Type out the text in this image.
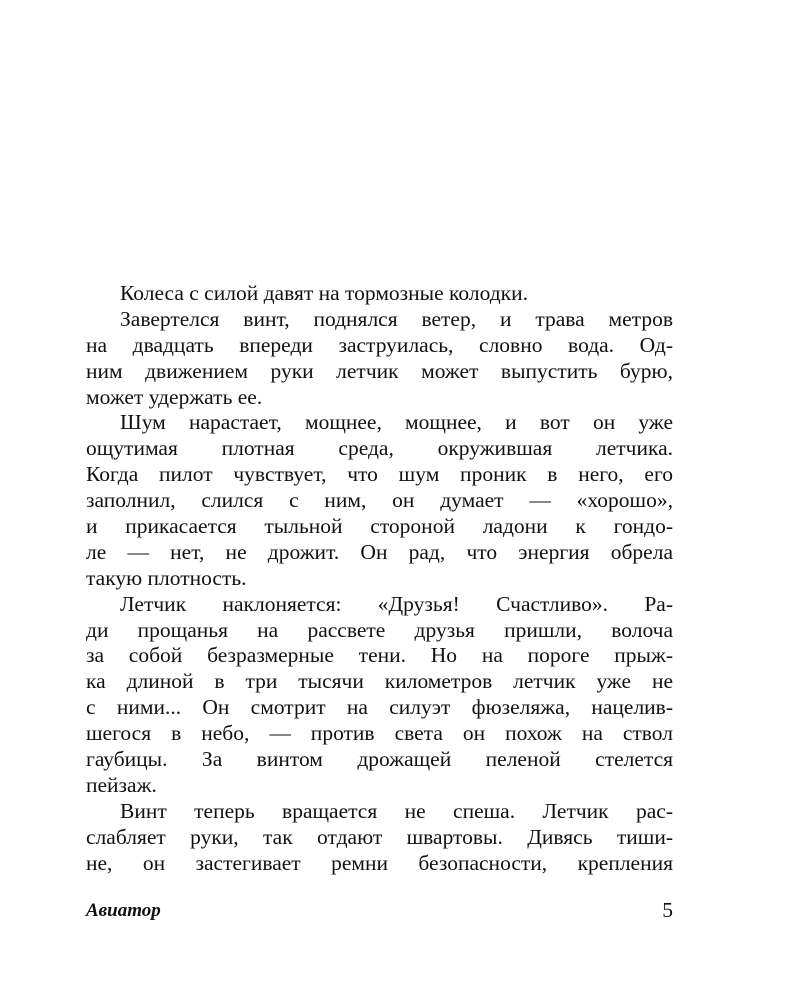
Колеса с силой давят на тормозные колодки.

Завертелся винт, поднялся ветер, и трава метров
на двадцать впереди заструилась, словно вода. Од-
ним движением руки летчик может выпустить бурю,
может удержать ее.

Шум нарастает, мощнее, мощнее, и вот он уже
ощутимая плотная среда, окружившая летчика.
Когда пилот чувствует, что шум проник в него, его
заполнил, слился с ним, он думает — «хорошо»,
и прикасается тыльной стороной ладони к гондо-
ле — нет, не дрожит. Он рад, что энергия обрела
такую плотность.

Летчик наклоняется: «Друзья! Счастливо». Ра-
ди прощанья на рассвете друзья пришли, волоча
за собой безразмерные тени. Но на пороге прыж-
ка длиной в три тысячи километров летчик уже не
с ними... Он смотрит на силуэт фюзеляжа, нацелив-
шегося в небо, — против света он похож на ствол
гаубицы. За винтом дрожащей пеленой стелется
пейзаж.

Винт теперь вращается не спеша. Летчик рас-
слабляет руки, так отдают швартовы. Дивясь тиши-
не, он застегивает ремни безопасности, крепления

Авиатор	5
